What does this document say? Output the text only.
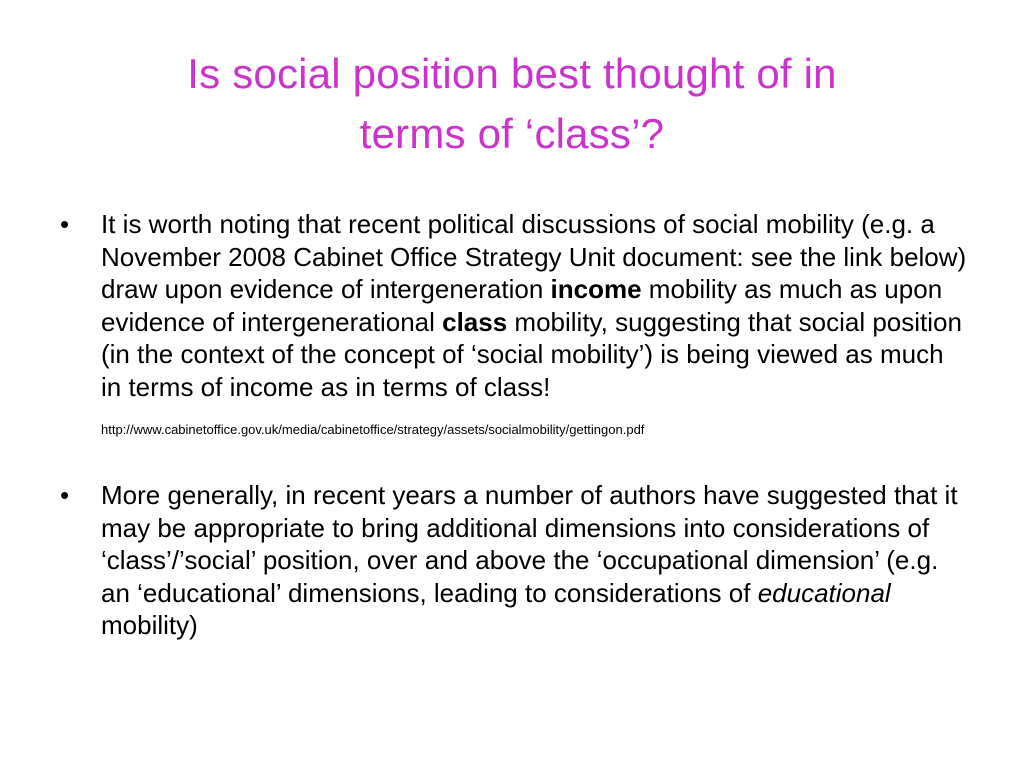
Is social position best thought of in
terms of ‘class’?
•	It is worth noting that recent political discussions of social mobility (e.g. a November 2008 Cabinet Office Strategy Unit document: see the link below) draw upon evidence of intergeneration income mobility as much as upon evidence of intergenerational class mobility, suggesting that social position (in the context of the concept of ‘social mobility’) is being viewed as much in terms of income as in terms of class!
http://www.cabinetoffice.gov.uk/media/cabinetoffice/strategy/assets/socialmobility/gettingon.pdf
•	More generally, in recent years a number of authors have suggested that it may be appropriate to bring additional dimensions into considerations of ‘class’/’social’ position, over and above the ‘occupational dimension’ (e.g. an ‘educational’ dimensions, leading to considerations of educational mobility)
